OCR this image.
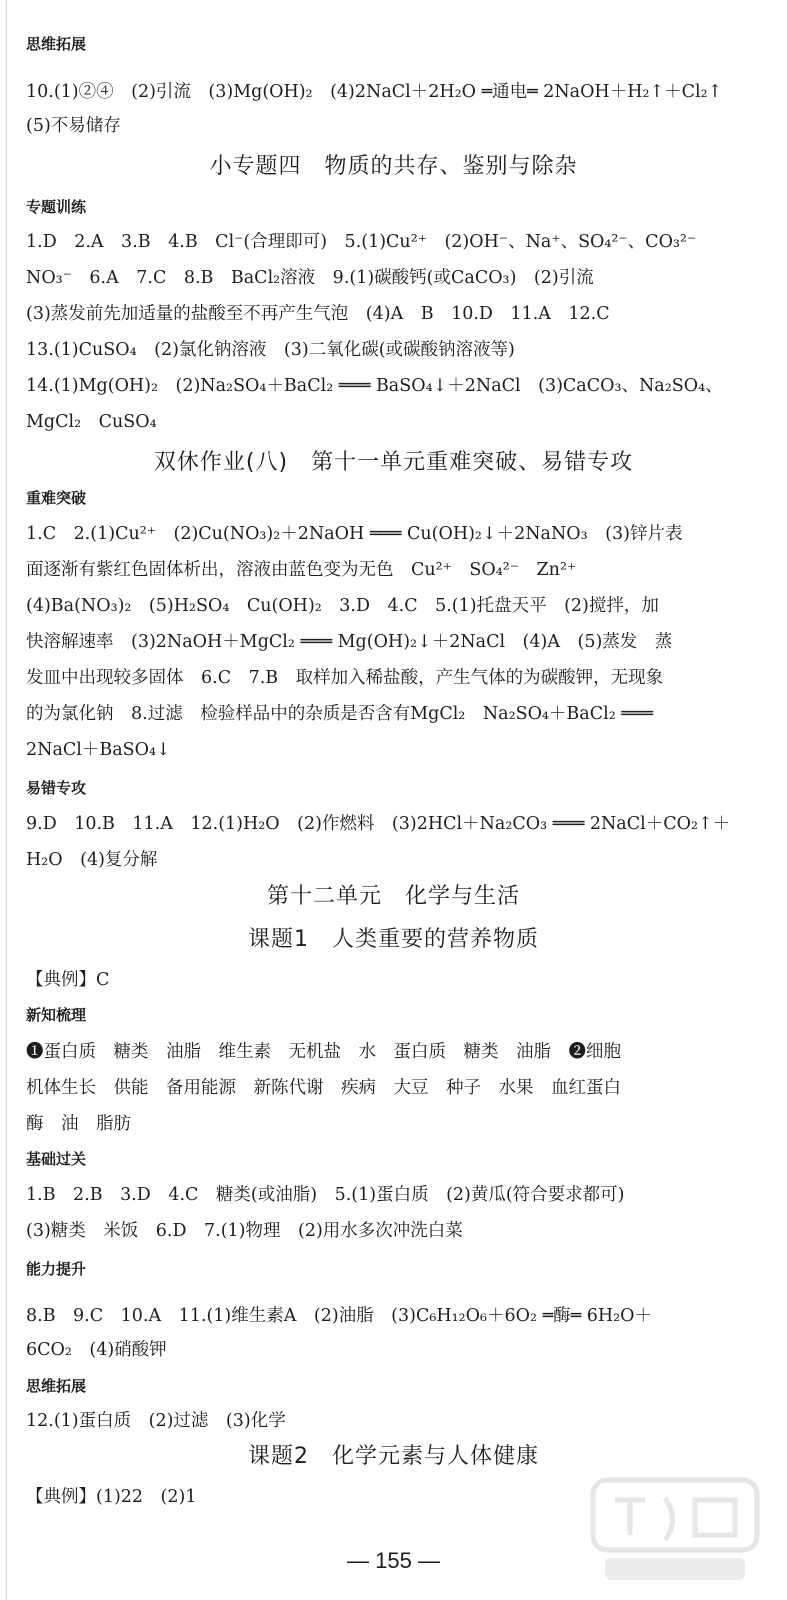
思维拓展
10.(1)②④　(2)引流　(3)Mg(OH)₂　(4)2NaCl＋2H₂O ═通电═ 2NaOH＋H₂↑＋Cl₂↑
(5)不易储存
小专题四　物质的共存、鉴别与除杂
专题训练
1.D　2.A　3.B　4.B　Cl⁻(合理即可)　5.(1)Cu²⁺　(2)OH⁻、Na⁺、SO₄²⁻、CO₃²⁻
NO₃⁻　6.A　7.C　8.B　BaCl₂溶液　9.(1)碳酸钙(或CaCO₃)　(2)引流
(3)蒸发前先加适量的盐酸至不再产生气泡　(4)A　B　10.D　11.A　12.C
13.(1)CuSO₄　(2)氯化钠溶液　(3)二氧化碳(或碳酸钠溶液等)
14.(1)Mg(OH)₂　(2)Na₂SO₄＋BaCl₂ ═══ BaSO₄↓＋2NaCl　(3)CaCO₃、Na₂SO₄、
MgCl₂　CuSO₄
双休作业(八)　第十一单元重难突破、易错专攻
重难突破
1.C　2.(1)Cu²⁺　(2)Cu(NO₃)₂＋2NaOH ═══ Cu(OH)₂↓＋2NaNO₃　(3)锌片表
面逐渐有紫红色固体析出，溶液由蓝色变为无色　Cu²⁺　SO₄²⁻　Zn²⁺
(4)Ba(NO₃)₂　(5)H₂SO₄　Cu(OH)₂　3.D　4.C　5.(1)托盘天平　(2)搅拌，加
快溶解速率　(3)2NaOH＋MgCl₂ ═══ Mg(OH)₂↓＋2NaCl　(4)A　(5)蒸发　蒸
发皿中出现较多固体　6.C　7.B　取样加入稀盐酸，产生气体的为碳酸钾，无现象
的为氯化钠　8.过滤　检验样品中的杂质是否含有MgCl₂　Na₂SO₄＋BaCl₂ ═══
2NaCl＋BaSO₄↓
易错专攻
9.D　10.B　11.A　12.(1)H₂O　(2)作燃料　(3)2HCl＋Na₂CO₃ ═══ 2NaCl＋CO₂↑＋
H₂O　(4)复分解
第十二单元　化学与生活
课题1　人类重要的营养物质
【典例】C
新知梳理
❶蛋白质　糖类　油脂　维生素　无机盐　水　蛋白质　糖类　油脂　❷细胞
机体生长　供能　备用能源　新陈代谢　疾病　大豆　种子　水果　血红蛋白
酶　油　脂肪
基础过关
1.B　2.B　3.D　4.C　糖类(或油脂)　5.(1)蛋白质　(2)黄瓜(符合要求都可)
(3)糖类　米饭　6.D　7.(1)物理　(2)用水多次冲洗白菜
能力提升
8.B　9.C　10.A　11.(1)维生素A　(2)油脂　(3)C₆H₁₂O₆＋6O₂ ═酶═ 6H₂O＋
6CO₂　(4)硝酸钾
思维拓展
12.(1)蛋白质　(2)过滤　(3)化学
课题2　化学元素与人体健康
【典例】(1)22　(2)1
— 155 —
